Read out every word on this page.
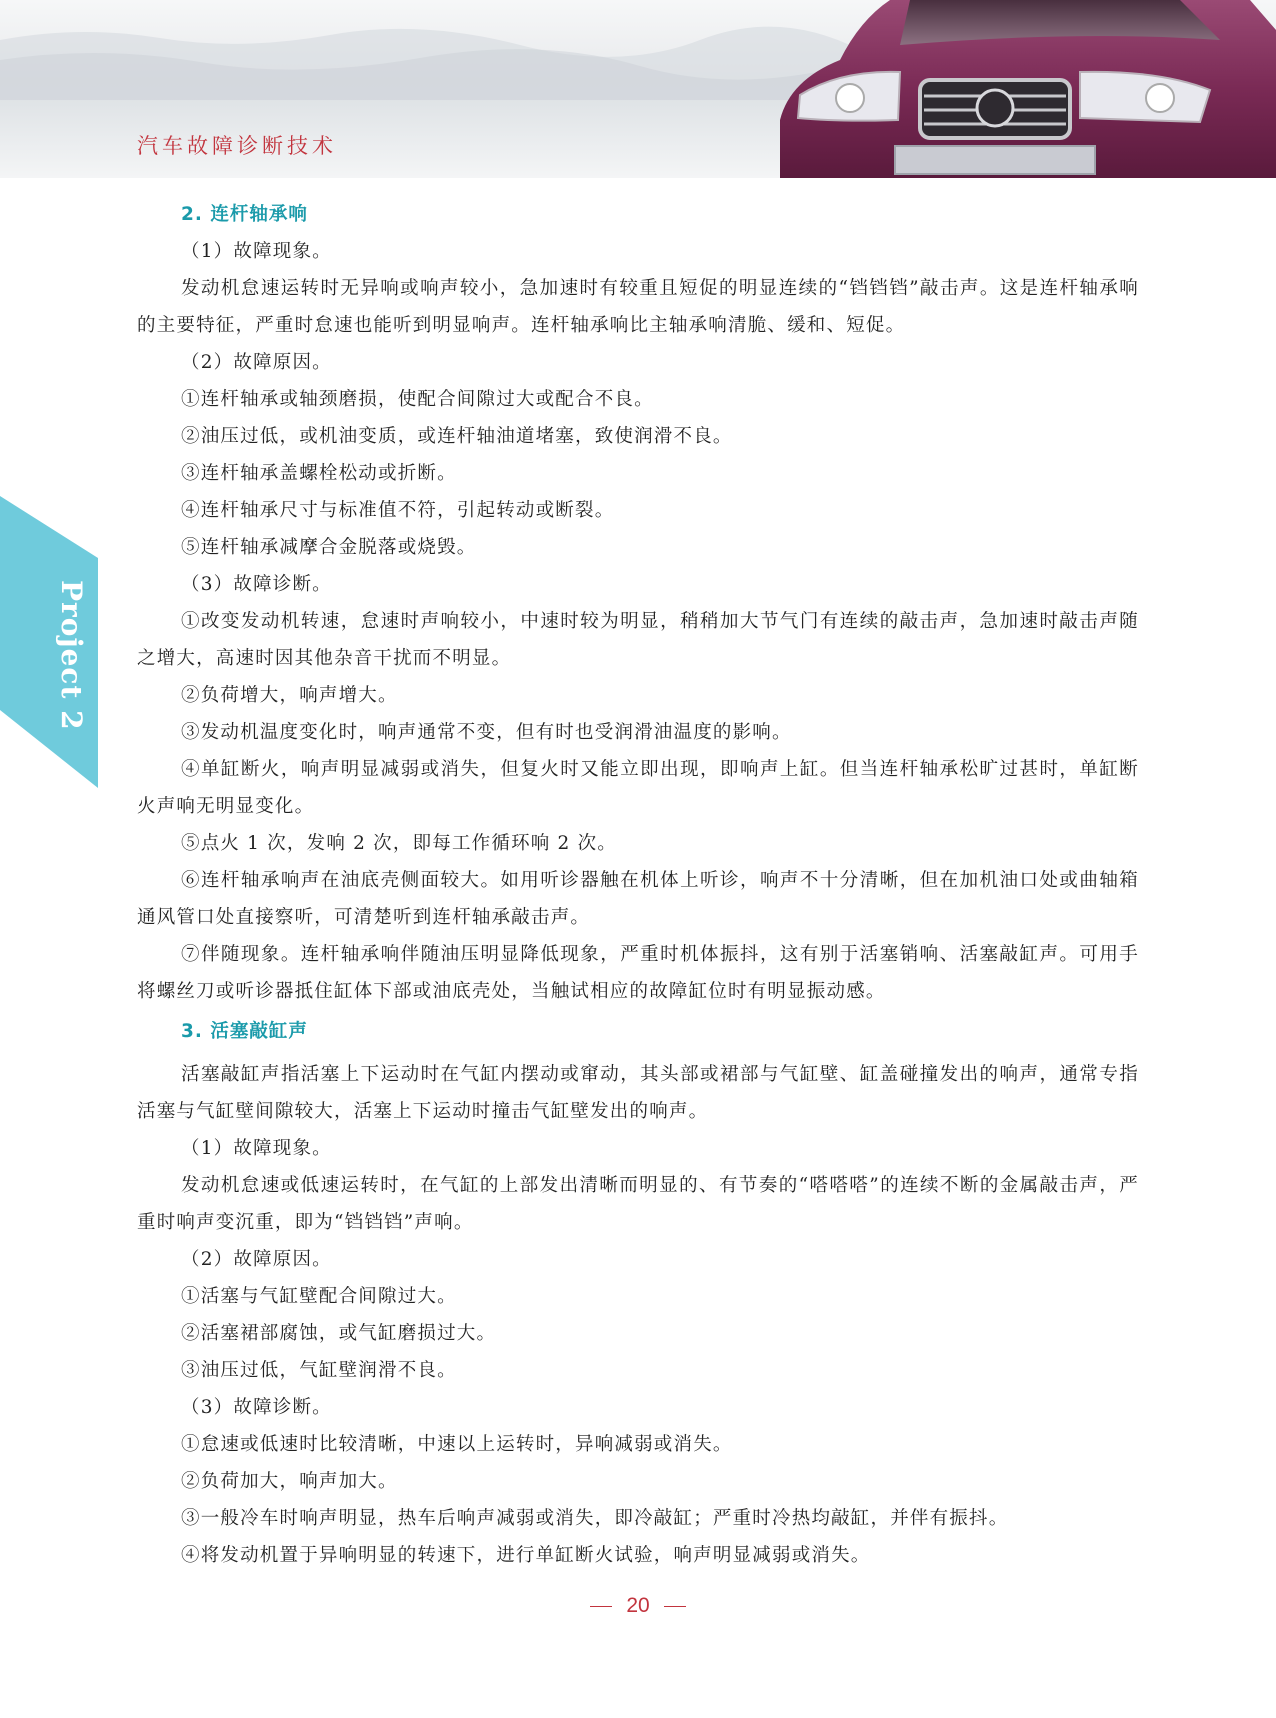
汽车故障诊断技术
Project 2
2. 连杆轴承响
（1）故障现象。
发动机怠速运转时无异响或响声较小，急加速时有较重且短促的明显连续的“铛铛铛”敲击声。这是连杆轴承响的主要特征，严重时怠速也能听到明显响声。连杆轴承响比主轴承响清脆、缓和、短促。
（2）故障原因。
①连杆轴承或轴颈磨损，使配合间隙过大或配合不良。
②油压过低，或机油变质，或连杆轴油道堵塞，致使润滑不良。
③连杆轴承盖螺栓松动或折断。
④连杆轴承尺寸与标准值不符，引起转动或断裂。
⑤连杆轴承减摩合金脱落或烧毁。
（3）故障诊断。
①改变发动机转速，怠速时声响较小，中速时较为明显，稍稍加大节气门有连续的敲击声，急加速时敲击声随之增大，高速时因其他杂音干扰而不明显。
②负荷增大，响声增大。
③发动机温度变化时，响声通常不变，但有时也受润滑油温度的影响。
④单缸断火，响声明显减弱或消失，但复火时又能立即出现，即响声上缸。但当连杆轴承松旷过甚时，单缸断火声响无明显变化。
⑤点火 1 次，发响 2 次，即每工作循环响 2 次。
⑥连杆轴承响声在油底壳侧面较大。如用听诊器触在机体上听诊，响声不十分清晰，但在加机油口处或曲轴箱通风管口处直接察听，可清楚听到连杆轴承敲击声。
⑦伴随现象。连杆轴承响伴随油压明显降低现象，严重时机体振抖，这有别于活塞销响、活塞敲缸声。可用手将螺丝刀或听诊器抵住缸体下部或油底壳处，当触试相应的故障缸位时有明显振动感。
3. 活塞敲缸声
活塞敲缸声指活塞上下运动时在气缸内摆动或窜动，其头部或裙部与气缸壁、缸盖碰撞发出的响声，通常专指活塞与气缸壁间隙较大，活塞上下运动时撞击气缸壁发出的响声。
（1）故障现象。
发动机怠速或低速运转时，在气缸的上部发出清晰而明显的、有节奏的“嗒嗒嗒”的连续不断的金属敲击声，严重时响声变沉重，即为“铛铛铛”声响。
（2）故障原因。
①活塞与气缸壁配合间隙过大。
②活塞裙部腐蚀，或气缸磨损过大。
③油压过低，气缸壁润滑不良。
（3）故障诊断。
①怠速或低速时比较清晰，中速以上运转时，异响减弱或消失。
②负荷加大，响声加大。
③一般冷车时响声明显，热车后响声减弱或消失，即冷敲缸；严重时冷热均敲缸，并伴有振抖。
④将发动机置于异响明显的转速下，进行单缸断火试验，响声明显减弱或消失。
20
